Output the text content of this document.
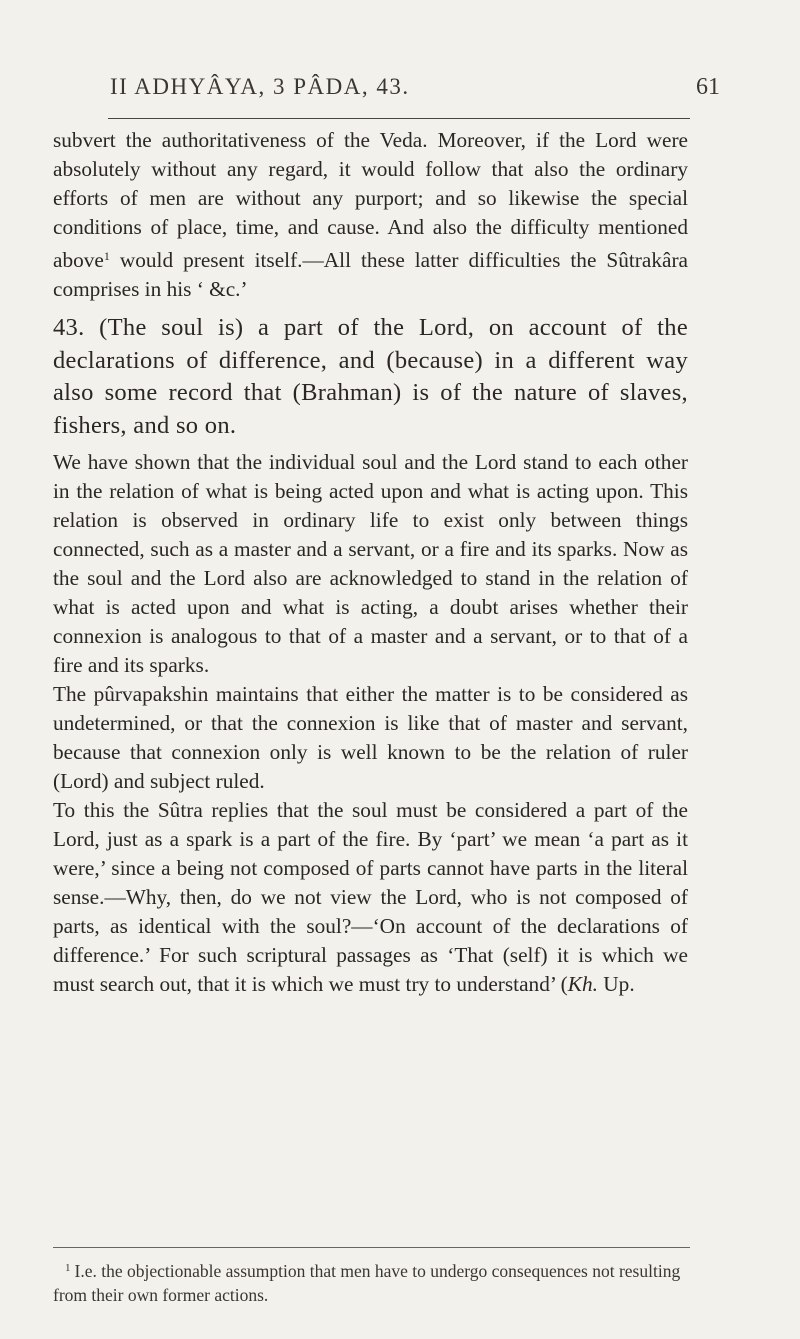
II ADHYÂYA, 3 PÂDA, 43.	61

subvert the authoritativeness of the Veda. Moreover, if the Lord were absolutely without any regard, it would follow that also the ordinary efforts of men are without any purport; and so likewise the special conditions of place, time, and cause. And also the difficulty mentioned above$^1$ would present itself.—All these latter difficulties the Sûtrakâra comprises in his ‘ &c.’

43. (The soul is) a part of the Lord, on account of the declarations of difference, and (because) in a different way also some record that (Brahman) is of the nature of slaves, fishers, and so on.

We have shown that the individual soul and the Lord stand to each other in the relation of what is being acted upon and what is acting upon. This relation is observed in ordinary life to exist only between things connected, such as a master and a servant, or a fire and its sparks. Now as the soul and the Lord also are acknowledged to stand in the relation of what is acted upon and what is acting, a doubt arises whether their connexion is analogous to that of a master and a servant, or to that of a fire and its sparks.

The pûrvapakshin maintains that either the matter is to be considered as undetermined, or that the connexion is like that of master and servant, because that connexion only is well known to be the relation of ruler (Lord) and subject ruled.

To this the Sûtra replies that the soul must be considered a part of the Lord, just as a spark is a part of the fire. By ‘part’ we mean ‘a part as it were,’ since a being not composed of parts cannot have parts in the literal sense.—Why, then, do we not view the Lord, who is not composed of parts, as identical with the soul?—‘On account of the declarations of difference.’ For such scriptural passages as ‘That (self) it is which we must search out, that it is which we must try to understand’ (Kh. Up.

$^1$ I.e. the objectionable assumption that men have to undergo consequences not resulting from their own former actions.
